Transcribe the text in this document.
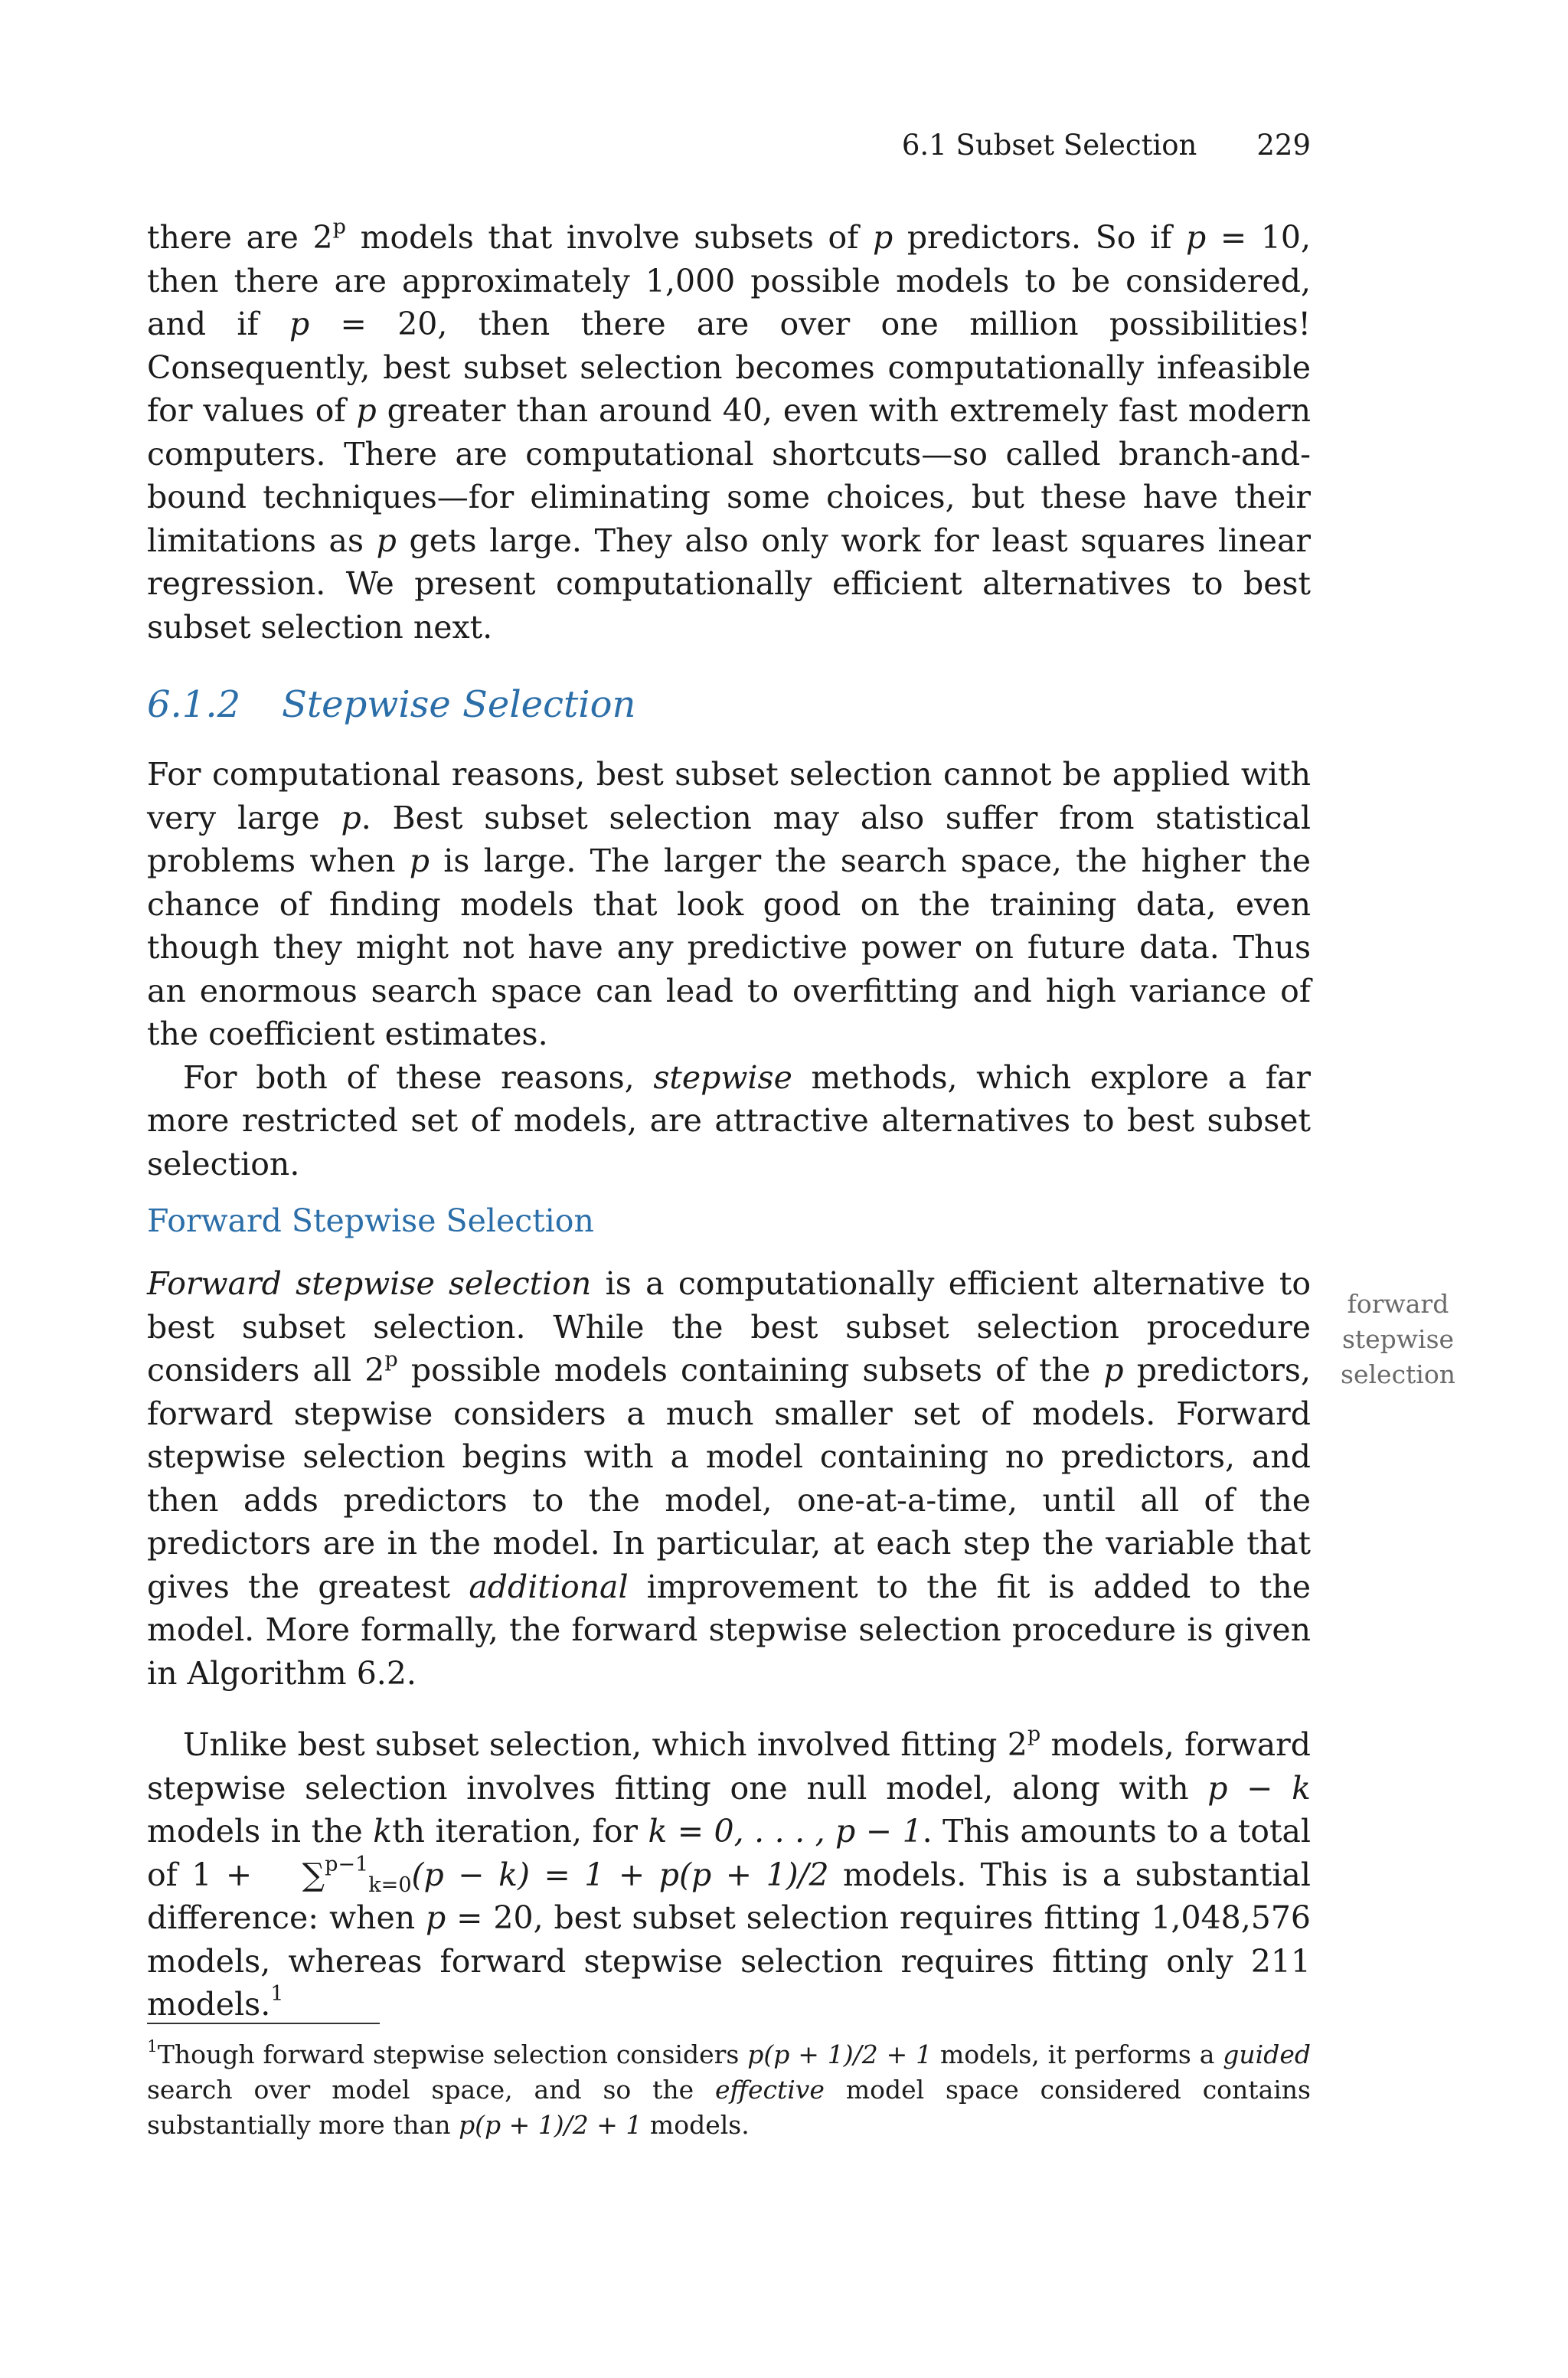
6.1 Subset Selection 229

there are 2$^p$ models that involve subsets of p predictors. So if p = 10, then there are approximately 1,000 possible models to be considered, and if p = 20, then there are over one million possibilities! Consequently, best subset selection becomes computationally infeasible for values of p greater than around 40, even with extremely fast modern computers. There are computational shortcuts—so called branch-and-bound techniques—for eliminating some choices, but these have their limitations as p gets large. They also only work for least squares linear regression. We present computationally efficient alternatives to best subset selection next.

6.1.2 Stepwise Selection

For computational reasons, best subset selection cannot be applied with very large p. Best subset selection may also suffer from statistical problems when p is large. The larger the search space, the higher the chance of finding models that look good on the training data, even though they might not have any predictive power on future data. Thus an enormous search space can lead to overfitting and high variance of the coefficient estimates.

For both of these reasons, stepwise methods, which explore a far more restricted set of models, are attractive alternatives to best subset selection.

Forward Stepwise Selection
forward
stepwise
selection

Forward stepwise selection is a computationally efficient alternative to best subset selection. While the best subset selection procedure considers all 2$^p$ possible models containing subsets of the p predictors, forward stepwise considers a much smaller set of models. Forward stepwise selection begins with a model containing no predictors, and then adds predictors to the model, one-at-a-time, until all of the predictors are in the model. In particular, at each step the variable that gives the greatest additional improvement to the fit is added to the model. More formally, the forward stepwise selection procedure is given in Algorithm 6.2.

Unlike best subset selection, which involved fitting 2$^p$ models, forward stepwise selection involves fitting one null model, along with p − k models in the kth iteration, for k = 0, . . . , p − 1. This amounts to a total of 1 + ∑$^{p-1}_{k=0}$(p − k) = 1 + p(p + 1)/2 models. This is a substantial difference: when p = 20, best subset selection requires fitting 1,048,576 models, whereas forward stepwise selection requires fitting only 211 models.$^1$

$^1$Though forward stepwise selection considers p(p + 1)/2 + 1 models, it performs a guided search over model space, and so the effective model space considered contains substantially more than p(p + 1)/2 + 1 models.
